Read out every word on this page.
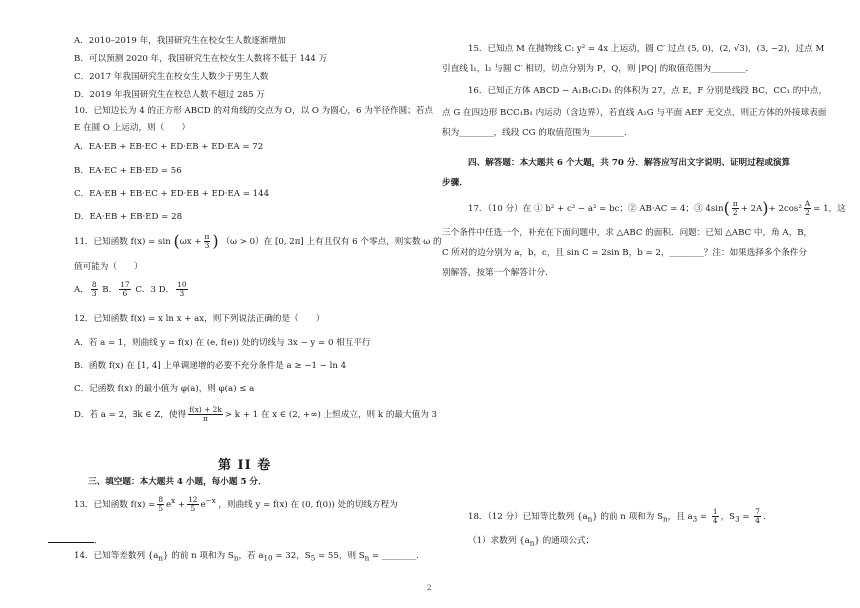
A．2010–2019 年，我国研究生在校女生人数逐渐增加
B．可以预测 2020 年，我国研究生在校女生人数将不低于 144 万
C．2017 年我国研究生在校女生人数少于男生人数
D．2019 年我国研究生在校总人数不超过 285 万
10．已知边长为 4 的正方形 ABCD 的对角线的交点为 O，以 O 为圆心，6 为半径作圆；若点
E 在圆 O 上运动，则（　　）
A．EA·EB + EB·EC + ED·EB + ED·EA = 72
B．EA·EC + EB·ED = 56
C．EA·EB + EB·EC + ED·EB + ED·EA = 144
D．EA·EB + EB·ED = 28
11．已知函数 $f(x) = \sin (\omega x + \frac{\pi}{3}$ ) （ω > 0）在 [0, 2π] 上有且仅有 6 个零点，则实数 ω 的
值可能为（　　）
A． $\frac{8}{3}$ B． $\frac{17}{6}$ C．3 D． $\frac{10}{3}$
12．已知函数 f(x) = x ln x + ax，则下列说法正确的是（　　）
A．若 a = 1，则曲线 y = f(x) 在 (e, f(e)) 处的切线与 3x − y = 0 相互平行
B．函数 f(x) 在 [1, 4] 上单调递增的必要不充分条件是 a ≥ −1 − ln 4
C．记函数 f(x) 的最小值为 φ(a)，则 φ(a) ≤ a
D．若 a = 2，∃k ∈ Z，使得 $\frac{f(x) + 2k}{\pi} > k + 1$ 在 x ∈ (2, +∞) 上恒成立，则 k 的最大值为 3
第 II 卷
三、填空题：本大题共 4 小题，每小题 5 分．
13．已知函数 $f(x) = \frac{8}{5} e^x + \frac{12}{5} e^{-x}$ ，则曲线 y = f(x) 在 (0, f(0)) 处的切线方程为
．
14．已知等差数列 $\{a_n\}$ 的前 n 项和为 $S_n$，若 $a_{10} = 32$，$S_5 = 55$，则 $S_n$ = ________．
15．已知点 M 在抛物线 C: y² = 4x 上运动，圆 C′ 过点 (5, 0)，(2, √3)，(3, −2)，过点 M
引直线 l₁，l₂ 与圆 C′ 相切，切点分别为 P，Q，则 |PQ| 的取值范围为________．
16．已知正方体 ABCD − A₁B₁C₁D₁ 的体积为 27，点 E，F 分别是线段 BC，CC₁ 的中点，
点 G 在四边形 BCC₁B₁ 内运动（含边界），若直线 A₁G 与平面 AEF 无交点，则正方体的外接球表面
积为________，线段 CG 的取值范围为________．
四、解答题：本大题共 6 个大题，共 70 分．解答应写出文字说明、证明过程或演算
步骤．
17．（10 分）在 ① b² + c² − a² = bc；② AB·AC = 4；③ $4\sin( \frac{\pi}{2} + 2A)+ 2\cos^2 \frac{A}{2} = 1$，这
三个条件中任选一个，补充在下面问题中，求 △ABC 的面积．问题：已知 △ABC 中，角 A，B，
C 所对的边分别为 a，b，c，且 sin C = 2sin B，b = 2，________？注：如果选择多个条件分
别解答，按第一个解答计分．
18．（12 分）已知等比数列 $\{a_n\}$ 的前 n 项和为 $S_n$，且 $a_3 = \frac{1}{4}$ ，$S_3 = \frac{7}{4}$ ．
（1）求数列 $\{a_n\}$ 的通项公式；
2
